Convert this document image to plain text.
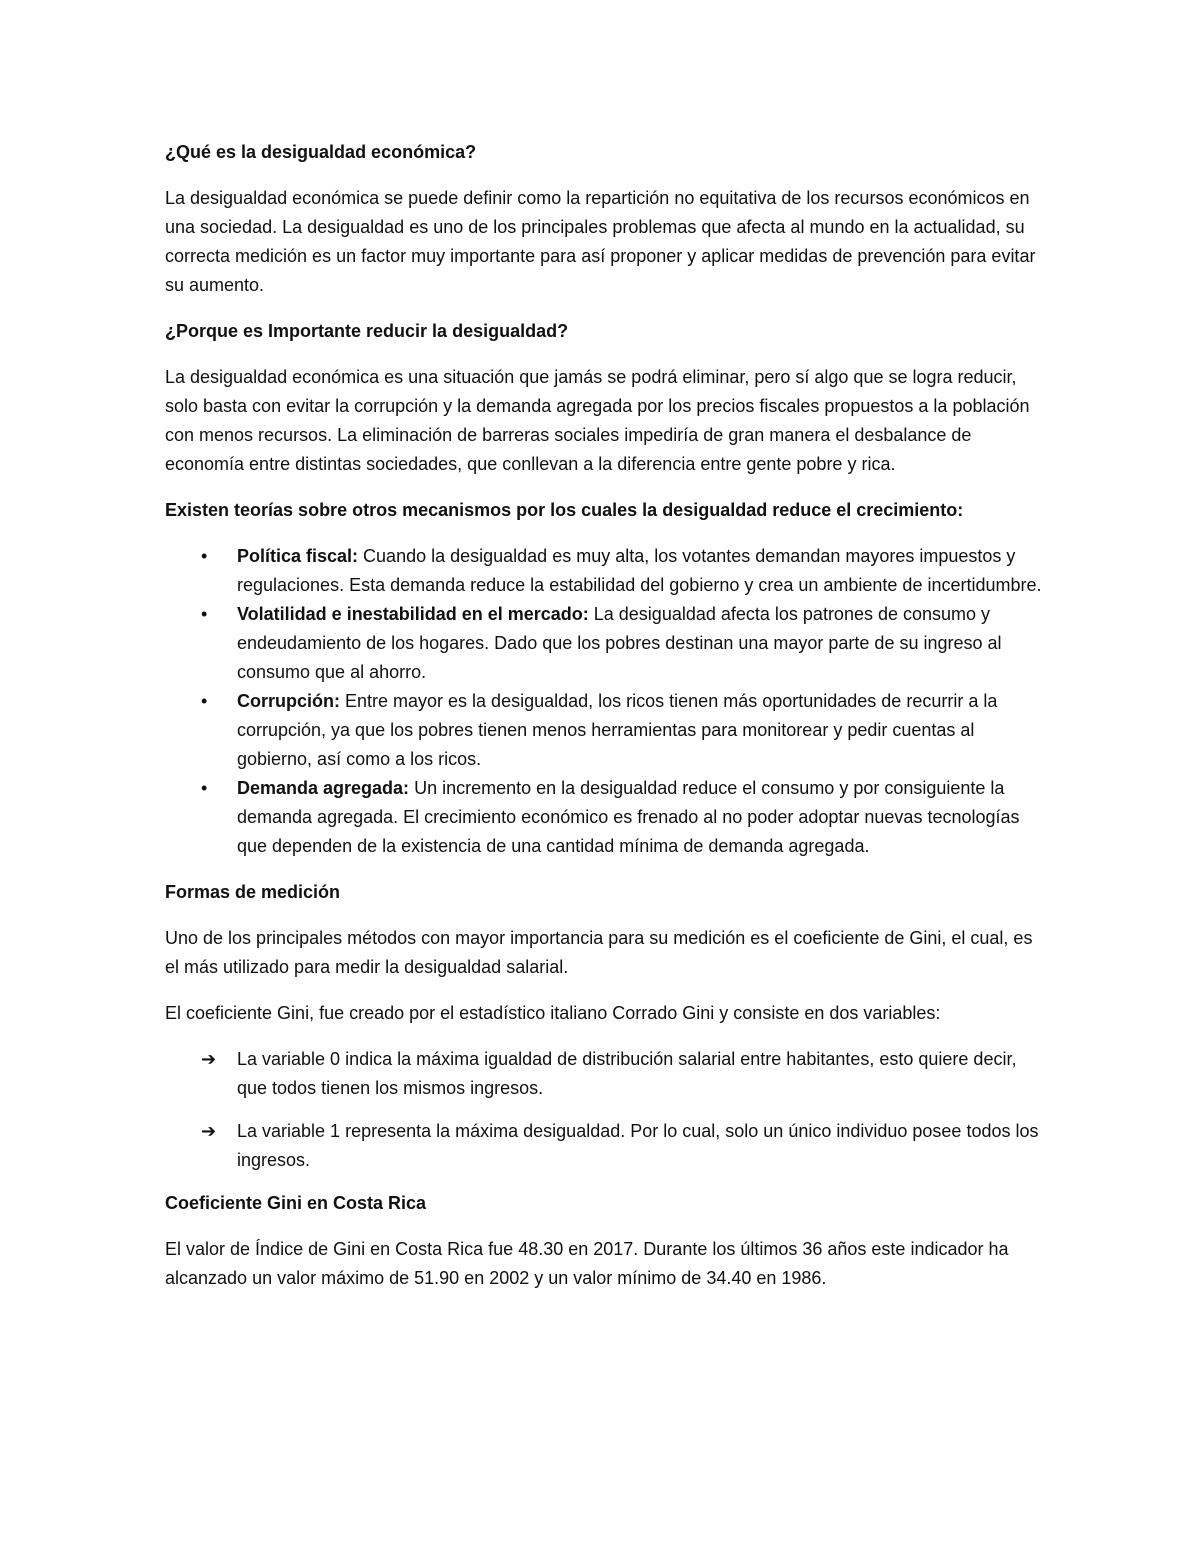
¿Qué es la desigualdad económica?

La desigualdad económica se puede definir como la repartición no equitativa de los recursos económicos en una sociedad. La desigualdad es uno de los principales problemas que afecta al mundo en la actualidad, su correcta medición es un factor muy importante para así proponer y aplicar medidas de prevención para evitar su aumento.

¿Porque es Importante reducir la desigualdad?

La desigualdad económica es una situación que jamás se podrá eliminar, pero sí algo que se logra reducir, solo basta con evitar la corrupción y la demanda agregada por los precios fiscales propuestos a la población con menos recursos. La eliminación de barreras sociales impediría de gran manera el desbalance de economía entre distintas sociedades, que conllevan a la diferencia entre gente pobre y rica.

Existen teorías sobre otros mecanismos por los cuales la desigualdad reduce el crecimiento:

• Política fiscal: Cuando la desigualdad es muy alta, los votantes demandan mayores impuestos y regulaciones. Esta demanda reduce la estabilidad del gobierno y crea un ambiente de incertidumbre.
• Volatilidad e inestabilidad en el mercado: La desigualdad afecta los patrones de consumo y endeudamiento de los hogares. Dado que los pobres destinan una mayor parte de su ingreso al consumo que al ahorro.
• Corrupción: Entre mayor es la desigualdad, los ricos tienen más oportunidades de recurrir a la corrupción, ya que los pobres tienen menos herramientas para monitorear y pedir cuentas al gobierno, así como a los ricos.
• Demanda agregada: Un incremento en la desigualdad reduce el consumo y por consiguiente la demanda agregada. El crecimiento económico es frenado al no poder adoptar nuevas tecnologías que dependen de la existencia de una cantidad mínima de demanda agregada.

Formas de medición

Uno de los principales métodos con mayor importancia para su medición es el coeficiente de Gini, el cual, es el más utilizado para medir la desigualdad salarial.

El coeficiente Gini, fue creado por el estadístico italiano Corrado Gini y consiste en dos variables:

➔ La variable 0 indica la máxima igualdad de distribución salarial entre habitantes, esto quiere decir, que todos tienen los mismos ingresos.
➔ La variable 1 representa la máxima desigualdad. Por lo cual, solo un único individuo posee todos los ingresos.

Coeficiente Gini en Costa Rica

El valor de Índice de Gini en Costa Rica fue 48.30 en 2017. Durante los últimos 36 años este indicador ha alcanzado un valor máximo de 51.90 en 2002 y un valor mínimo de 34.40 en 1986.
